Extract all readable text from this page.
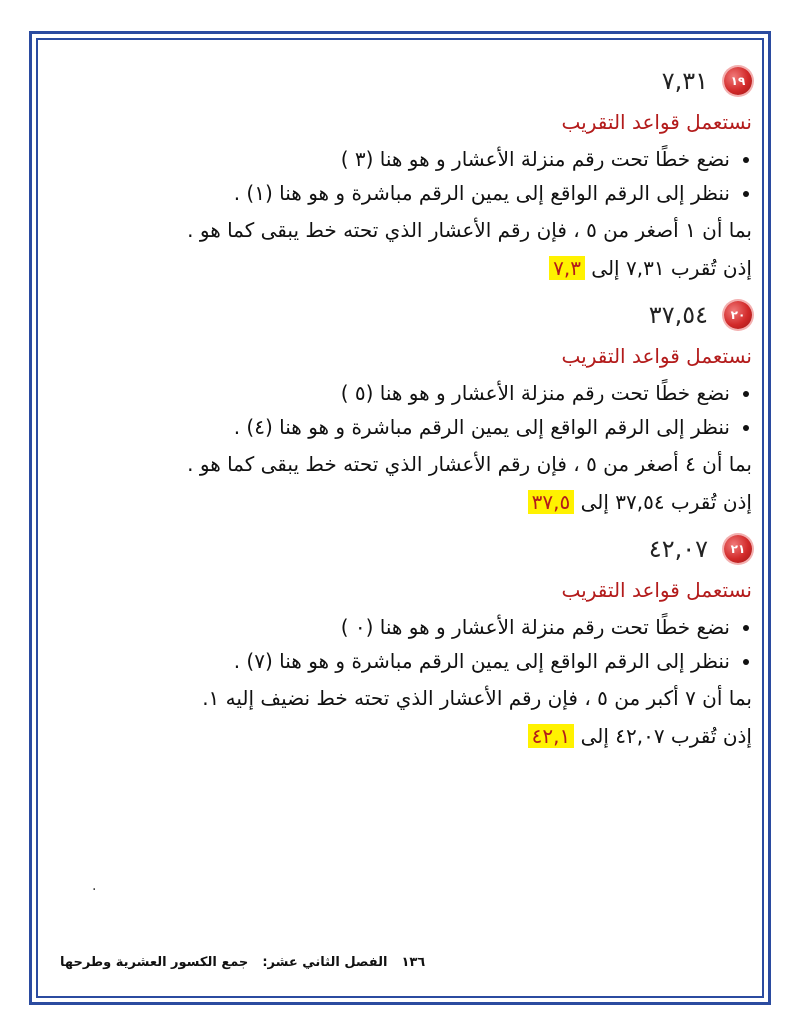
١٩
٧,٣١
نستعمل قواعد التقريب
• نضع خطًا تحت رقم منزلة الأعشار و هو هنا (٣ )
• ننظر إلى الرقم الواقع إلى يمين الرقم مباشرة و هو هنا (١) .
بما أن ١ أصغر من ٥ ، فإن رقم الأعشار الذي تحته خط يبقى كما هو .
إذن تُقرب ٧,٣١ إلى ٧,٣
٢٠
٣٧,٥٤
نستعمل قواعد التقريب
• نضع خطًا تحت رقم منزلة الأعشار و هو هنا (٥ )
• ننظر إلى الرقم الواقع إلى يمين الرقم مباشرة و هو هنا (٤) .
بما أن ٤ أصغر من ٥ ، فإن رقم الأعشار الذي تحته خط يبقى كما هو .
إذن تُقرب ٣٧,٥٤ إلى ٣٧,٥
٢١
٤٢,٠٧
نستعمل قواعد التقريب
• نضع خطًا تحت رقم منزلة الأعشار و هو هنا (٠ )
• ننظر إلى الرقم الواقع إلى يمين الرقم مباشرة و هو هنا (٧) .
بما أن ٧ أكبر من ٥ ، فإن رقم الأعشار الذي تحته خط نضيف إليه ١.
إذن تُقرب ٤٢,٠٧ إلى ٤٢,١
.
١٣٦
الفصل الثاني عشر:
جمع الكسور العشرية وطرحها
